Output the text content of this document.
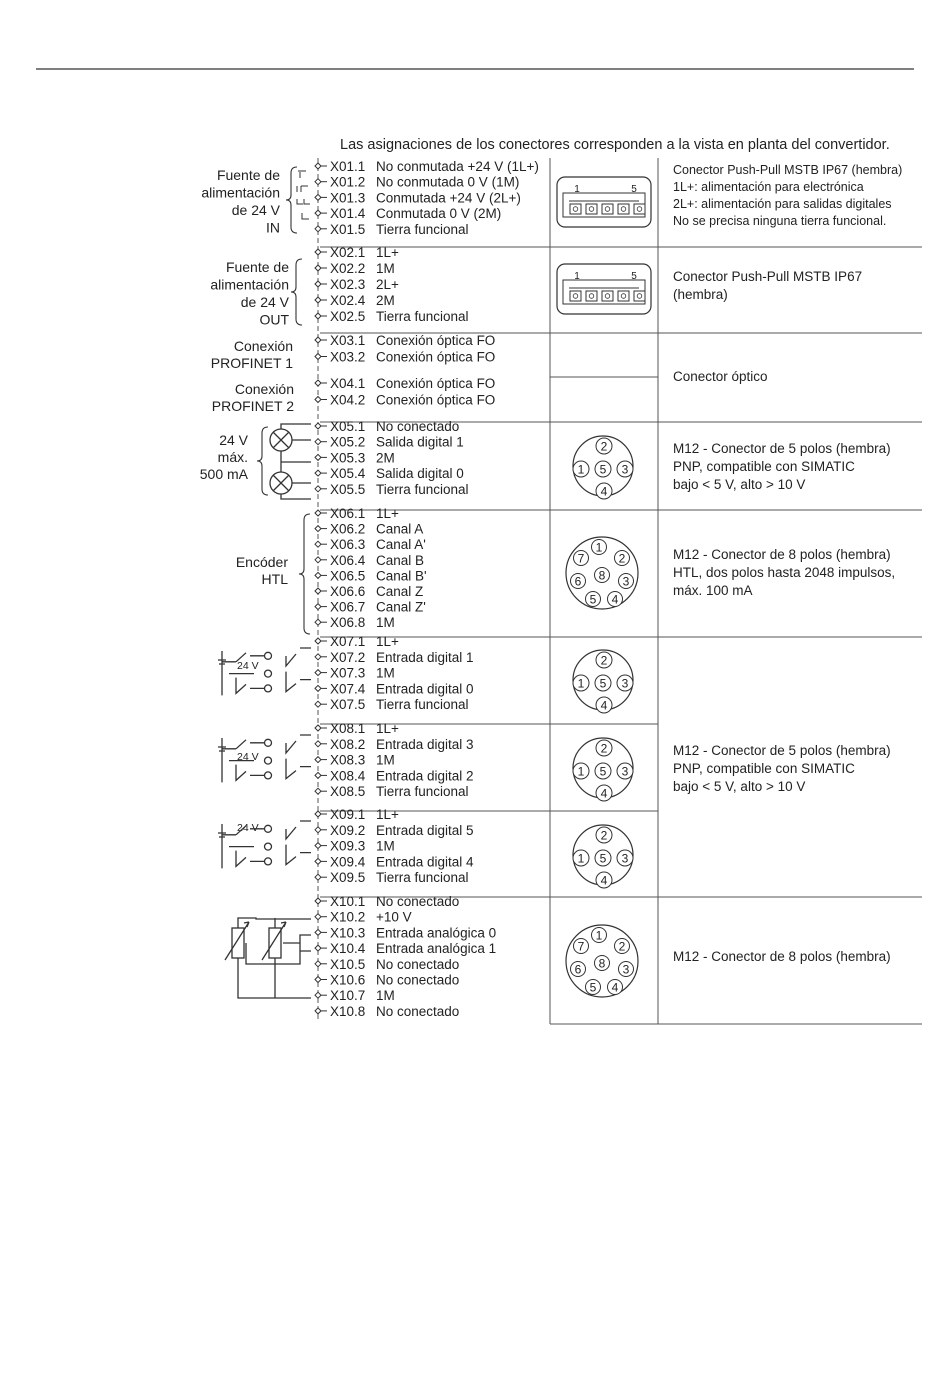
Las asignaciones de los conectores corresponden a la vista en planta del convertidor.
X01.1 No conmutada +24 V (1L+)
X01.2 No conmutada 0 V (1M)
X01.3 Conmutada +24 V (2L+)
X01.4 Conmutada 0 V (2M)
X01.5 Tierra funcional
X02.1 1L+
X02.2 1M
X02.3 2L+
X02.4 2M
X02.5 Tierra funcional
X03.1 Conexión óptica FO
X03.2 Conexión óptica FO
X04.1 Conexión óptica FO
X04.2 Conexión óptica FO
X05.1 No conectado
X05.2 Salida digital 1
X05.3 2M
X05.4 Salida digital 0
X05.5 Tierra funcional
X06.1 1L+
X06.2 Canal A
X06.3 Canal A'
X06.4 Canal B
X06.5 Canal B'
X06.6 Canal Z
X06.7 Canal Z'
X06.8 1M
X07.1 1L+
X07.2 Entrada digital 1
X07.3 1M
X07.4 Entrada digital 0
X07.5 Tierra funcional
X08.1 1L+
X08.2 Entrada digital 3
X08.3 1M
X08.4 Entrada digital 2
X08.5 Tierra funcional
X09.1 1L+
X09.2 Entrada digital 5
X09.3 1M
X09.4 Entrada digital 4
X09.5 Tierra funcional
X10.1 No conectado
X10.2 +10 V
X10.3 Entrada analógica 0
X10.4 Entrada analógica 1
X10.5 No conectado
X10.6 No conectado
X10.7 1M
X10.8 No conectado
Fuente de
alimentación
de 24 V
IN
Fuente de
alimentación
de 24 V
OUT
Conexión
PROFINET 1
Conexión
PROFINET 2
24 V
máx.
500 mA
Encóder
HTL
24 V
24 V
24 V
1	5
1	5
1
2
3
4
5
1
2
3
4
5
6
7
8
1
2
3
4
5
1
2
3
4
5
1
2
3
4
5
1
2
3
4
5
6
7
8
Conector Push-Pull MSTB IP67 (hembra)
1L+: alimentación para electrónica
2L+: alimentación para salidas digitales
No se precisa ninguna tierra funcional.
Conector Push-Pull MSTB IP67
(hembra)
Conector óptico
M12 - Conector de 5 polos (hembra)
PNP, compatible con SIMATIC
bajo < 5 V, alto > 10 V
M12 - Conector de 8 polos (hembra)
HTL, dos polos hasta 2048 impulsos,
máx. 100 mA
M12 - Conector de 5 polos (hembra)
PNP, compatible con SIMATIC
bajo < 5 V, alto > 10 V
M12 - Conector de 8 polos (hembra)
